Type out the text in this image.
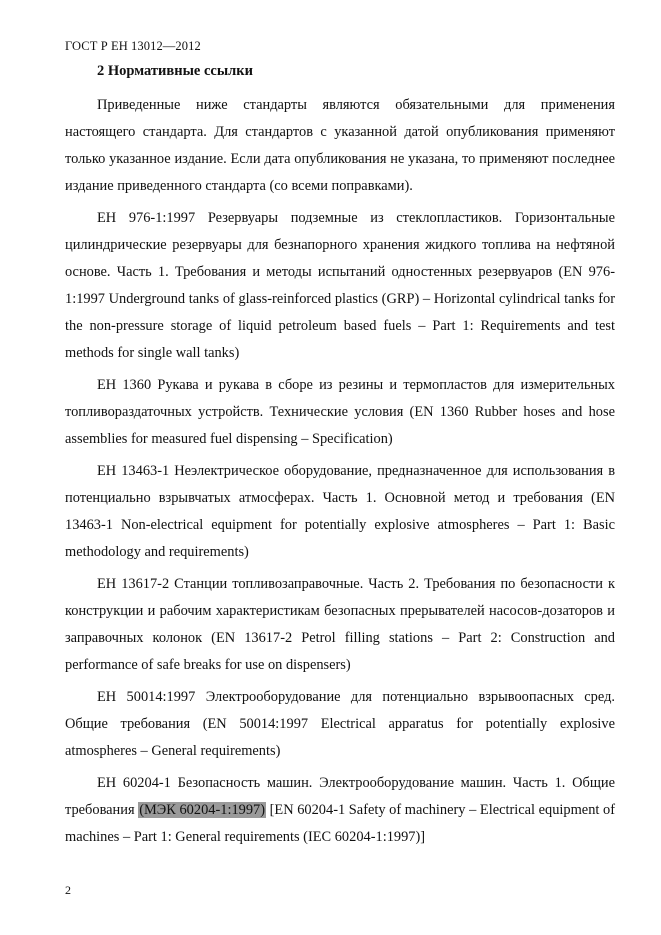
ГОСТ Р ЕН 13012—2012
2 Нормативные ссылки

Приведенные ниже стандарты являются обязательными для применения настоящего стандарта. Для стандартов с указанной датой опубликования применяют только указанное издание. Если дата опубликования не указана, то применяют последнее издание приведенного стандарта (со всеми поправками).

ЕН 976-1:1997 Резервуары подземные из стеклопластиков. Горизонтальные цилиндрические резервуары для безнапорного хранения жидкого топлива на нефтяной основе. Часть 1. Требования и методы испытаний одностенных резервуаров (EN 976-1:1997 Underground tanks of glass-reinforced plastics (GRP) – Horizontal cylindrical tanks for the non-pressure storage of liquid petroleum based fuels – Part 1: Requirements and test methods for single wall tanks)

ЕН 1360 Рукава и рукава в сборе из резины и термопластов для измерительных топливораздаточных устройств. Технические условия (EN 1360 Rubber hoses and hose assemblies for measured fuel dispensing – Specification)

ЕН 13463-1 Неэлектрическое оборудование, предназначенное для использования в потенциально взрывчатых атмосферах. Часть 1. Основной метод и требования (EN 13463-1 Non-electrical equipment for potentially explosive atmospheres – Part 1: Basic methodology and requirements)

ЕН 13617-2 Станции топливозаправочные. Часть 2. Требования по безопасности к конструкции и рабочим характеристикам безопасных прерывателей насосов-дозаторов и заправочных колонок (EN 13617-2 Petrol filling stations – Part 2: Construction and performance of safe breaks for use on dispensers)

ЕН 50014:1997 Электрооборудование для потенциально взрывоопасных сред. Общие требования (EN 50014:1997 Electrical apparatus for potentially explosive atmospheres – General requirements)

ЕН 60204-1 Безопасность машин. Электрооборудование машин. Часть 1. Общие требования (МЭК 60204-1:1997) [EN 60204-1 Safety of machinery – Electrical equipment of machines – Part 1: General requirements (IEC 60204-1:1997)]

2
